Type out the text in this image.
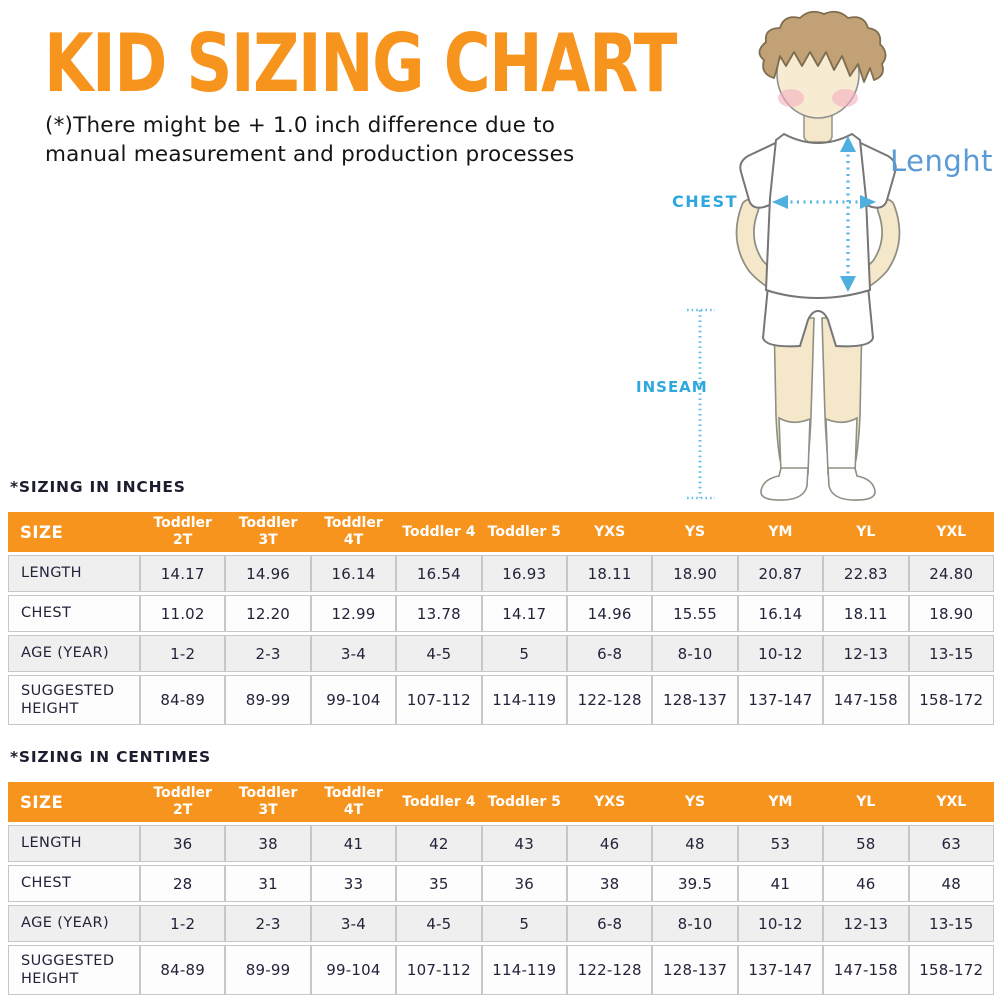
KID SIZING CHART

(*)There might be + 1.0 inch difference due to
manual measurement and production processes

CHEST
Lenght
INSEAM
*SIZING IN INCHES
SIZE	Toddler 2T	Toddler 3T	Toddler 4T	Toddler 4	Toddler 5	YXS	YS	YM	YL	YXL
LENGTH	14.17	14.96	16.14	16.54	16.93	18.11	18.90	20.87	22.83	24.80
CHEST	11.02	12.20	12.99	13.78	14.17	14.96	15.55	16.14	18.11	18.90
AGE (YEAR)	1-2	2-3	3-4	4-5	5	6-8	8-10	10-12	12-13	13-15
SUGGESTED HEIGHT	84-89	89-99	99-104	107-112	114-119	122-128	128-137	137-147	147-158	158-172
*SIZING IN CENTIMES
SIZE	Toddler 2T	Toddler 3T	Toddler 4T	Toddler 4	Toddler 5	YXS	YS	YM	YL	YXL
LENGTH	36	38	41	42	43	46	48	53	58	63
CHEST	28	31	33	35	36	38	39.5	41	46	48
AGE (YEAR)	1-2	2-3	3-4	4-5	5	6-8	8-10	10-12	12-13	13-15
SUGGESTED HEIGHT	84-89	89-99	99-104	107-112	114-119	122-128	128-137	137-147	147-158	158-172
